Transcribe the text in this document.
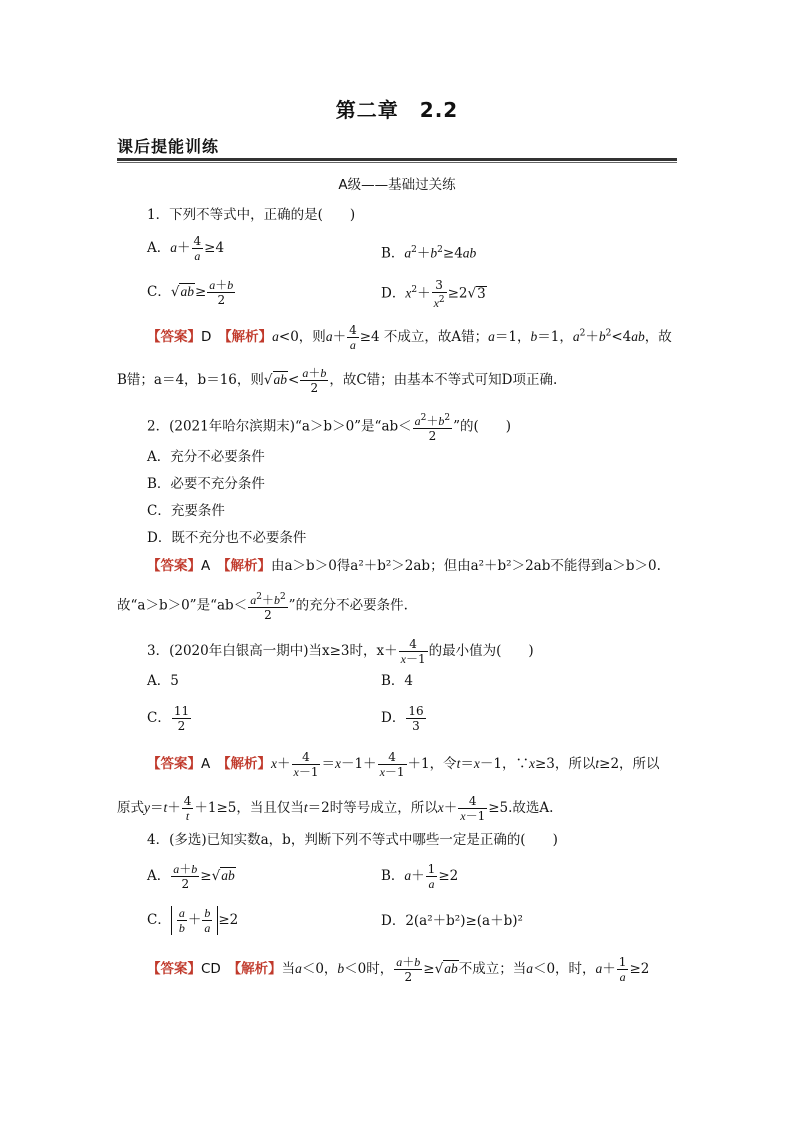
第二章　2.2
课后提能训练
A级——基础过关练
1．下列不等式中，正确的是(　　)
A．$a+ \frac{4}{a} \ge 4$	B．$a^2+b^2\ge 4ab$
C．$√ab\ge \frac{a+b}{2}$	D．$x^2+ \frac{3}{x^2} \ge 2√3$
【答案】D　 【解析】a<0，则$a+ \frac{4}{a} \ge 4$ 不成立，故A错；a＝1，b＝1，$a^2+b^2<4ab$，故
B错；a＝4，b＝16，则$√ab< \frac{a+b}{2}$ ，故C错；由基本不等式可知D项正确.
2．(2021年哈尔滨期末)“a＞b＞0”是“$ab< \frac{a^2+b^2}{2}$ ”的(　　)
A．充分不必要条件
B．必要不充分条件
C．充要条件
D．既不充分也不必要条件
【答案】A　 【解析】由a＞b＞0得a²＋b²＞2ab；但由a²＋b²＞2ab不能得到a＞b＞0.
故“a＞b＞0”是“$ab< \frac{a^2+b^2}{2}$ ”的充分不必要条件.
3．(2020年白银高一期中)当x≥3时，$x+ \frac{4}{x-1}$ 的最小值为(　　)
A．5	B．4
C． $\frac{11}{2}$	D． $\frac{16}{3}$
【答案】A　 【解析】$x+ \frac{4}{x-1} =x-1+ \frac{4}{x-1} +1$，令t＝x－1，∵x≥3，所以t≥2，所以
原式$y=t+ \frac{4}{t} +1\ge 5$，当且仅当t＝2时等号成立，所以$x+ \frac{4}{x-1} \ge 5$.故选A.
4．(多选)已知实数a，b，判断下列不等式中哪些一定是正确的(　　)
A． $\frac{a+b}{2} \ge√ab$	B．$a+ \frac{1}{a} \ge 2$
C． $\frac{a}{b} + \frac{b}{a} \ge 2$	D．2(a²＋b²)≥(a＋b)²
【答案】CD　 【解析】当a＜0，b＜0时， $\frac{a+b}{2} \ge√ab$不成立；当a＜0，时，$a+ \frac{1}{a} \ge 2$
